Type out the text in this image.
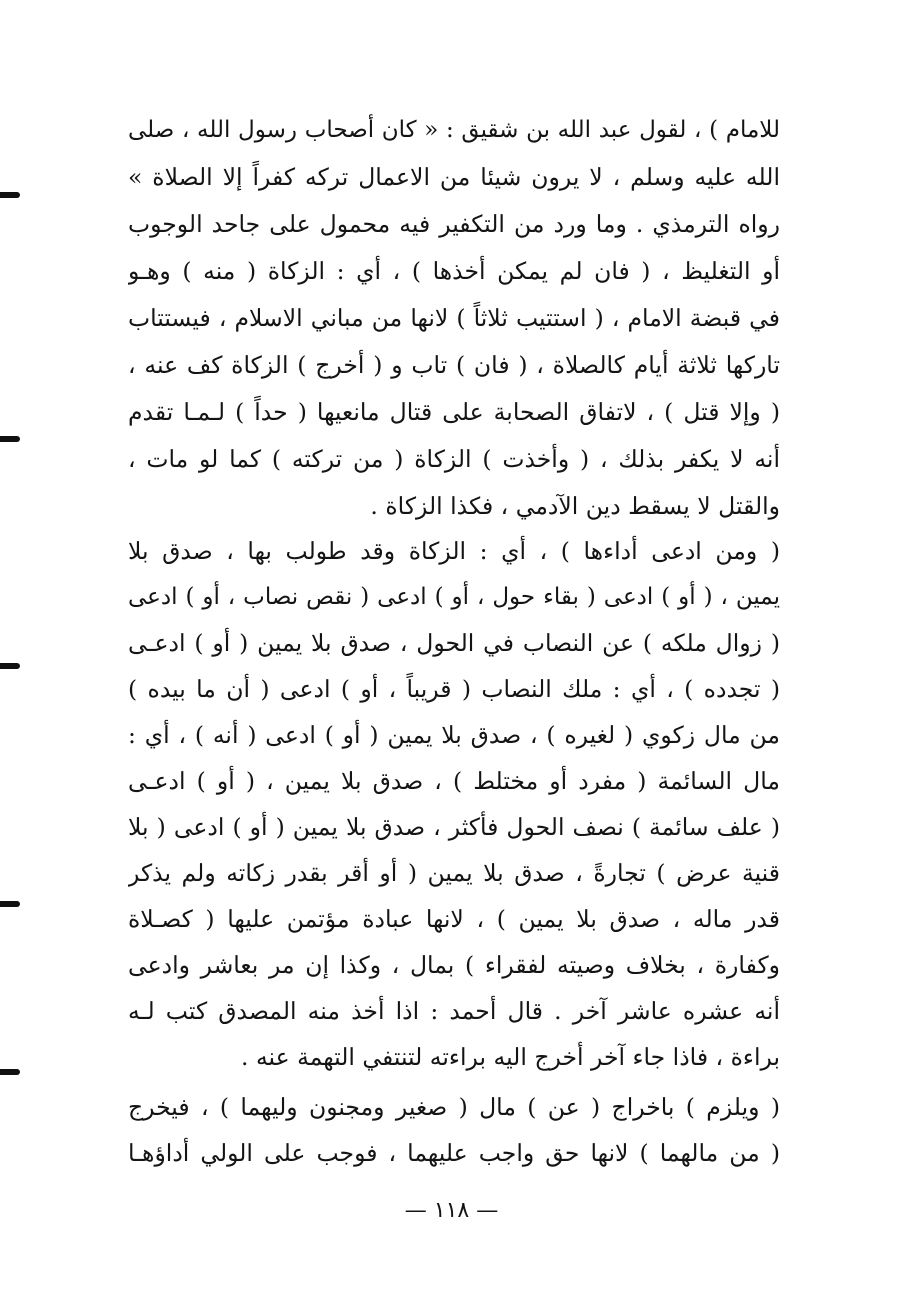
للامام ) ، لقول عبد الله بن شقيق : « كان أصحاب رسول الله ، صلى
الله عليه وسلم ، لا يرون شيئا من الاعمال تركه كفراً إلا الصلاة »
رواه الترمذي . وما ورد من التكفير فيه محمول على جاحد الوجوب
أو التغليظ ، ( فان لم يمكن أخذها ) ، أي : الزكاة ( منه ) وهـو
في قبضة الامام ، ( استتيب ثلاثاً ) لانها من مباني الاسلام ، فيستتاب
تاركها ثلاثة أيام كالصلاة ، ( فان ) تاب و ( أخرج ) الزكاة كف عنه ،
( وإلا قتل ) ، لاتفاق الصحابة على قتال مانعيها ( حداً ) لـمـا تقدم
أنه لا يكفر بذلك ، ( وأخذت ) الزكاة ( من تركته ) كما لو مات ،
والقتل لا يسقط دين الآدمي ، فكذا الزكاة .
( ومن ادعى أداءها ) ، أي : الزكاة وقد طولب بها ، صدق بلا
يمين ، ( أو ) ادعى ( بقاء حول ، أو ) ادعى ( نقص نصاب ، أو ) ادعى
( زوال ملكه ) عن النصاب في الحول ، صدق بلا يمين ( أو ) ادعـى
( تجدده ) ، أي : ملك النصاب ( قريباً ، أو ) ادعى ( أن ما بيده )
من مال زكوي ( لغيره ) ، صدق بلا يمين ( أو ) ادعى ( أنه ) ، أي :
مال السائمة ( مفرد أو مختلط ) ، صدق بلا يمين ، ( أو ) ادعـى
( علف سائمة ) نصف الحول فأكثر ، صدق بلا يمين ( أو ) ادعى ( بلا
قنية عرض ) تجارةً ، صدق بلا يمين ( أو أقر بقدر زكاته ولم يذكر
قدر ماله ، صدق بلا يمين ) ، لانها عبادة مؤتمن عليها ( كصـلاة
وكفارة ، بخلاف وصيته لفقراء ) بمال ، وكذا إن مر بعاشر وادعى
أنه عشره عاشر آخر . قال أحمد : اذا أخذ منه المصدق كتب لـه
براءة ، فاذا جاء آخر أخرج اليه براءته لتنتفي التهمة عنه .
( ويلزم ) باخراج ( عن ) مال ( صغير ومجنون وليهما ) ، فيخرج
( من مالهما ) لانها حق واجب عليهما ، فوجب على الولي أداؤهـا
— ١١٨ —
